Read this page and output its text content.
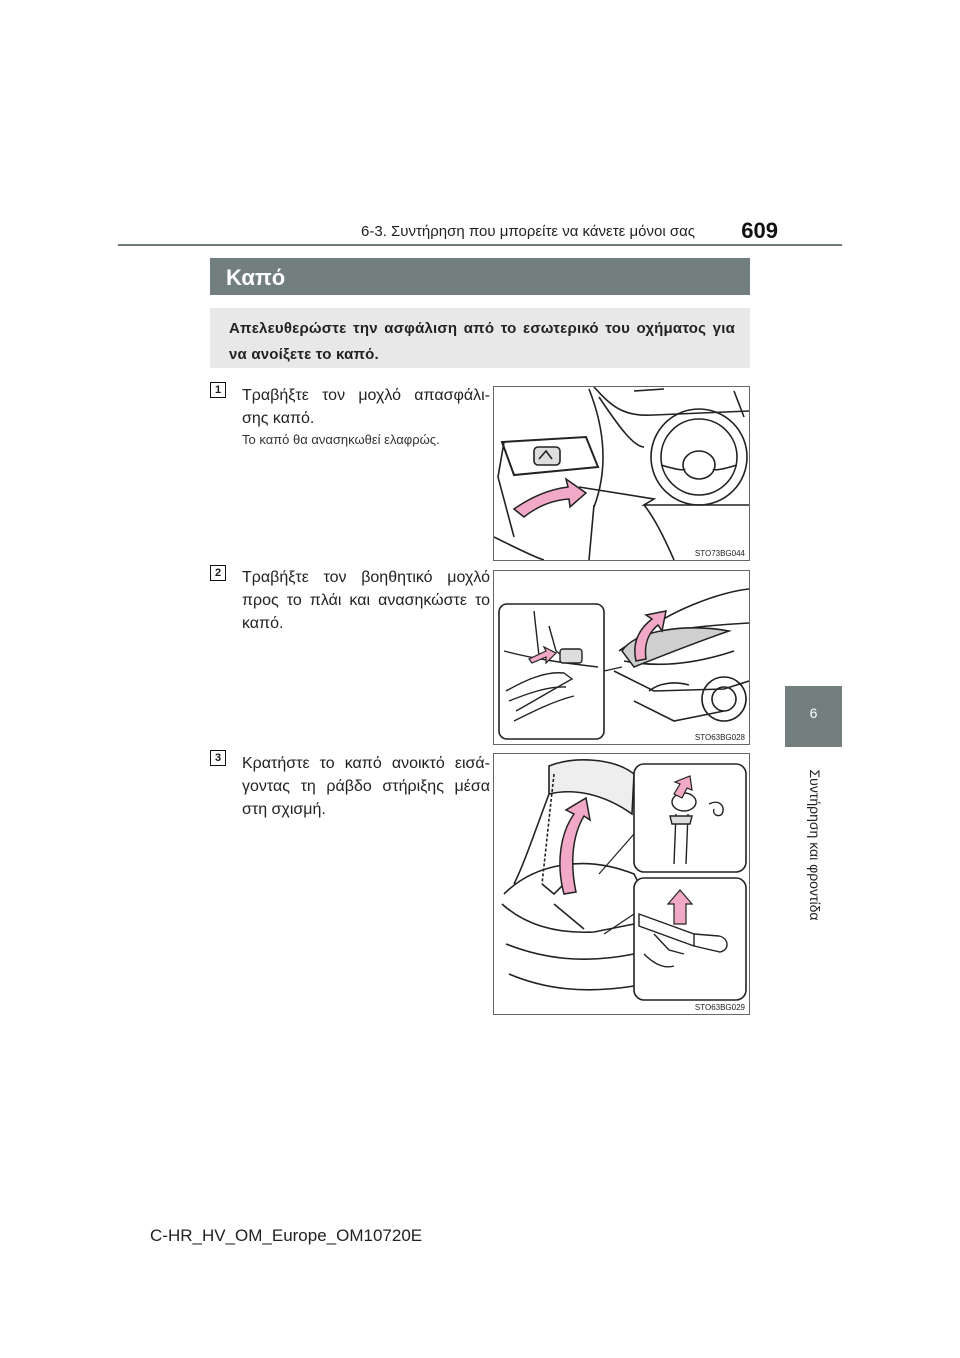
6-3. Συντήρηση που μπορείτε να κάνετε μόνοι σας	609
Καπό
Απελευθερώστε την ασφάλιση από το εσωτερικό του οχήματος για να ανοίξετε το καπό.
1	Τραβήξτε τον μοχλό απασφάλι-σης καπό.
Το καπό θα ανασηκωθεί ελαφρώς.
STO73BG044
2	Τραβήξτε τον βοηθητικό μοχλό προς το πλάι και ανασηκώστε το καπό.
STO63BG028
3	Κρατήστε το καπό ανοικτό εισά-γοντας τη ράβδο στήριξης μέσα στη σχισμή.
STO63BG029
6
Συντήρηση και φροντίδα
C-HR_HV_OM_Europe_OM10720E
